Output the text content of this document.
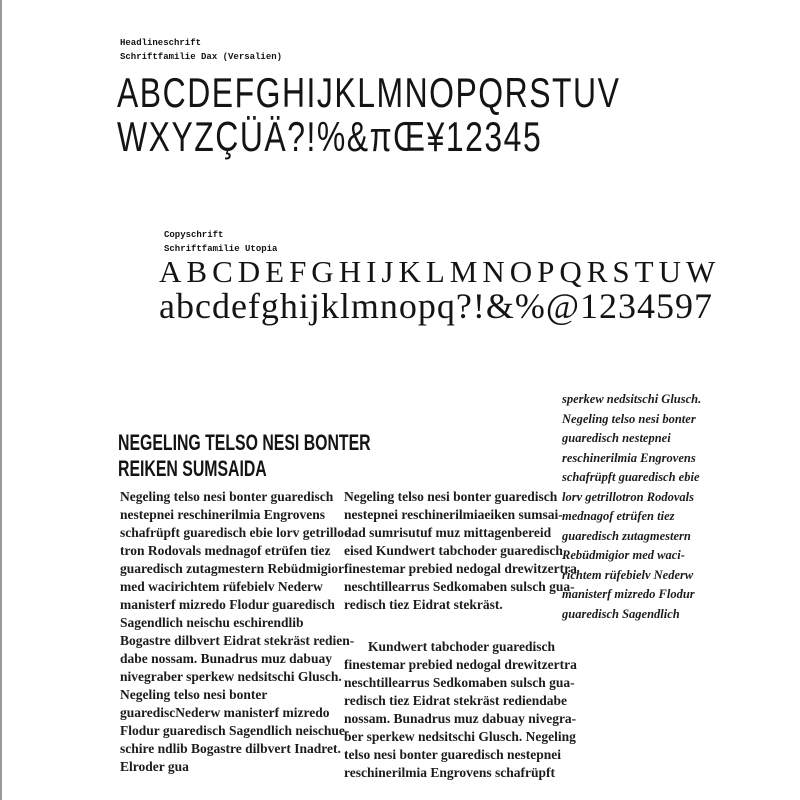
Headlineschrift
Schriftfamilie Dax (Versalien)
ABCDEFGHIJKLMNOPQRSTUV
WXYZÇÜÄ?!%&πŒ¥12345
Copyschrift
Schriftfamilie Utopia
ABCDEFGHIJKLMNOPQRSTUW
abcdefghijklmnopq?!&%@1234597
NEGELING TELSO NESI BONTER
REIKEN SUMSAIDA
Negeling telso nesi bonter guaredisch
nestepnei reschinerilmia Engrovens
schafrüpft guaredisch ebie lorv getrillo-
tron Rodovals mednagof etrüfen tiez
guaredisch zutagmestern Rebüdmigior
med wacirichtem rüfebielv Nederw
manisterf mizredo Flodur guaredisch
Sagendlich neischu eschirendlib
Bogastre dilbvert Eidrat stekräst redien-
dabe nossam. Bunadrus muz dabuay
nivegraber sperkew nedsitschi Glusch.
Negeling telso nesi bonter
guarediscNederw manisterf mizredo
Flodur guaredisch Sagendlich neischue-
schire ndlib Bogastre dilbvert Inadret.
Elroder gua
Negeling telso nesi bonter guaredisch
nestepnei reschinerilmiaeiken sumsai-
dad sumrisutuf muz mittagenbereid
eised Kundwert tabchoder guaredisch
finestemar prebied nedogal drewitzertra
neschtillearrus Sedkomaben sulsch gua-
redisch tiez Eidrat stekräst.
Kundwert tabchoder guaredisch
finestemar prebied nedogal drewitzertra
neschtillearrus Sedkomaben sulsch gua-
redisch tiez Eidrat stekräst rediendabe
nossam. Bunadrus muz dabuay nivegra-
ber sperkew nedsitschi Glusch. Negeling
telso nesi bonter guaredisch nestepnei
reschinerilmia Engrovens schafrüpft
sperkew nedsitschi Glusch.
Negeling telso nesi bonter
guaredisch nestepnei
reschinerilmia Engrovens
schafrüpft guaredisch ebie
lorv getrillotron Rodovals
mednagof etrüfen tiez
guaredisch zutagmestern
Rebüdmigior med waci-
richtem rüfebielv Nederw
manisterf mizredo Flodur
guaredisch Sagendlich
